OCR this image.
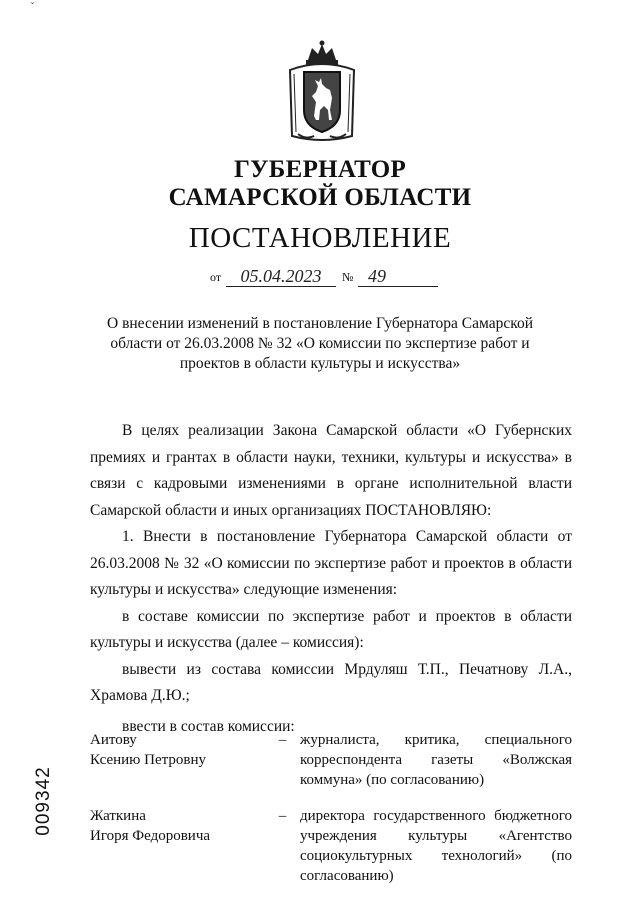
ˇ
ГУБЕРНАТОР
САМАРСКОЙ ОБЛАСТИ
ПОСТАНОВЛЕНИЕ
от	05.04.2023	№ 49
О внесении изменений в постановление Губернатора Самарской области от 26.03.2008 № 32 «О комиссии по экспертизе работ и проектов в области культуры и искусства»

В целях реализации Закона Самарской области «О Губернских премиях и грантах в области науки, техники, культуры и искусства» в связи с кадровыми изменениями в органе исполнительной власти Самарской области и иных организациях ПОСТАНОВЛЯЮ:

1. Внести в постановление Губернатора Самарской области от 26.03.2008 № 32 «О комиссии по экспертизе работ и проектов в области культуры и искусства» следующие изменения:

в составе комиссии по экспертизе работ и проектов в области культуры и искусства (далее – комиссия):

вывести из состава комиссии Мрдуляш Т.П., Печатнову Л.А., Храмова Д.Ю.;

ввести в состав комиссии:

Аитову
Ксению Петровну
– журналиста, критика, специального корреспондента газеты «Волжская коммуна» (по согласованию)
Жаткина
Игоря Федоровича
– директора государственного бюджетного учреждения культуры «Агентство социокультурных технологий» (по согласованию)
009342
